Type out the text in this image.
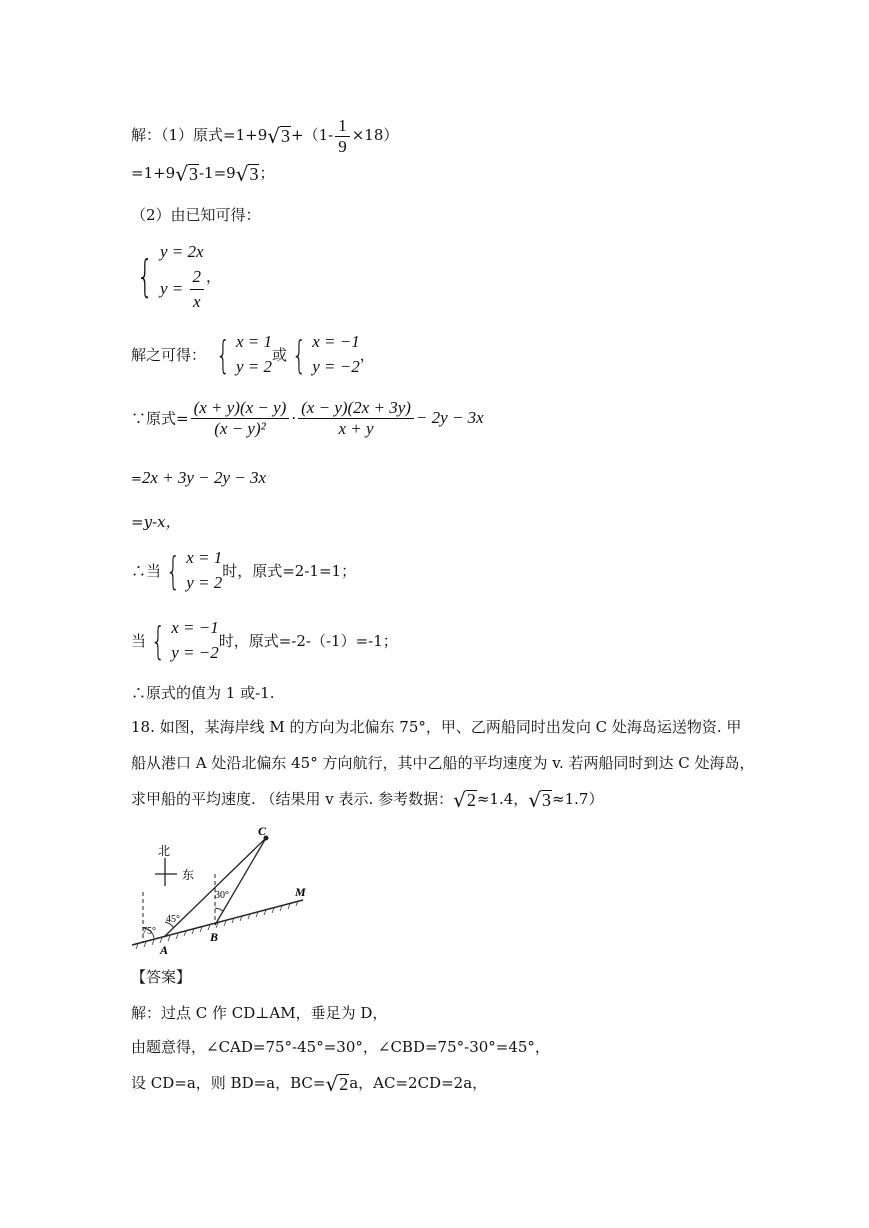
解：（1）原式=1+9 √ $3 +(1- \frac{1}{9} \times 18)$
=1+9 √ 3 -1=9 √ 3 ；
（2）由已知可得：
{ y = 2x
$y = \frac{2}{x}$ ，
解之可得： { x = 1
y = 2
或 { x = −1
y = −2
，
∵原式= $\frac{(x + y)(x - y)}{\text{(x − y)²}} \cdot \frac{(x - y)(2x + 3y)}{x + y} - 2y - 3x$
=2x + 3y − 2y − 3x
=y-x，
∴当 { x = 1
y = 2
时，原式=2-1=1；
当 { x = −1
y = −2
时，原式=-2-（-1）=-1；
∴原式的值为 1 或-1.
18. 如图，某海岸线 M 的方向为北偏东 75°，甲、乙两船同时出发向 C 处海岛运送物资. 甲
船从港口 A 处沿北偏东 45° 方向航行，其中乙船的平均速度为 v. 若两船同时到达 C 处海岛，
求甲船的平均速度. （结果用 v 表示. 参考数据： √ 2 ≈1.4， √ 3 ≈1.7）
北
东
C
A
B
M
75°
45°
30°
【答案】
解：过点 C 作 CD⊥AM，垂足为 D，
由题意得，∠CAD=75°-45°=30°，∠CBD=75°-30°=45°，
设 CD=a，则 BD=a，BC= √ 2 a，AC=2CD=2a，
